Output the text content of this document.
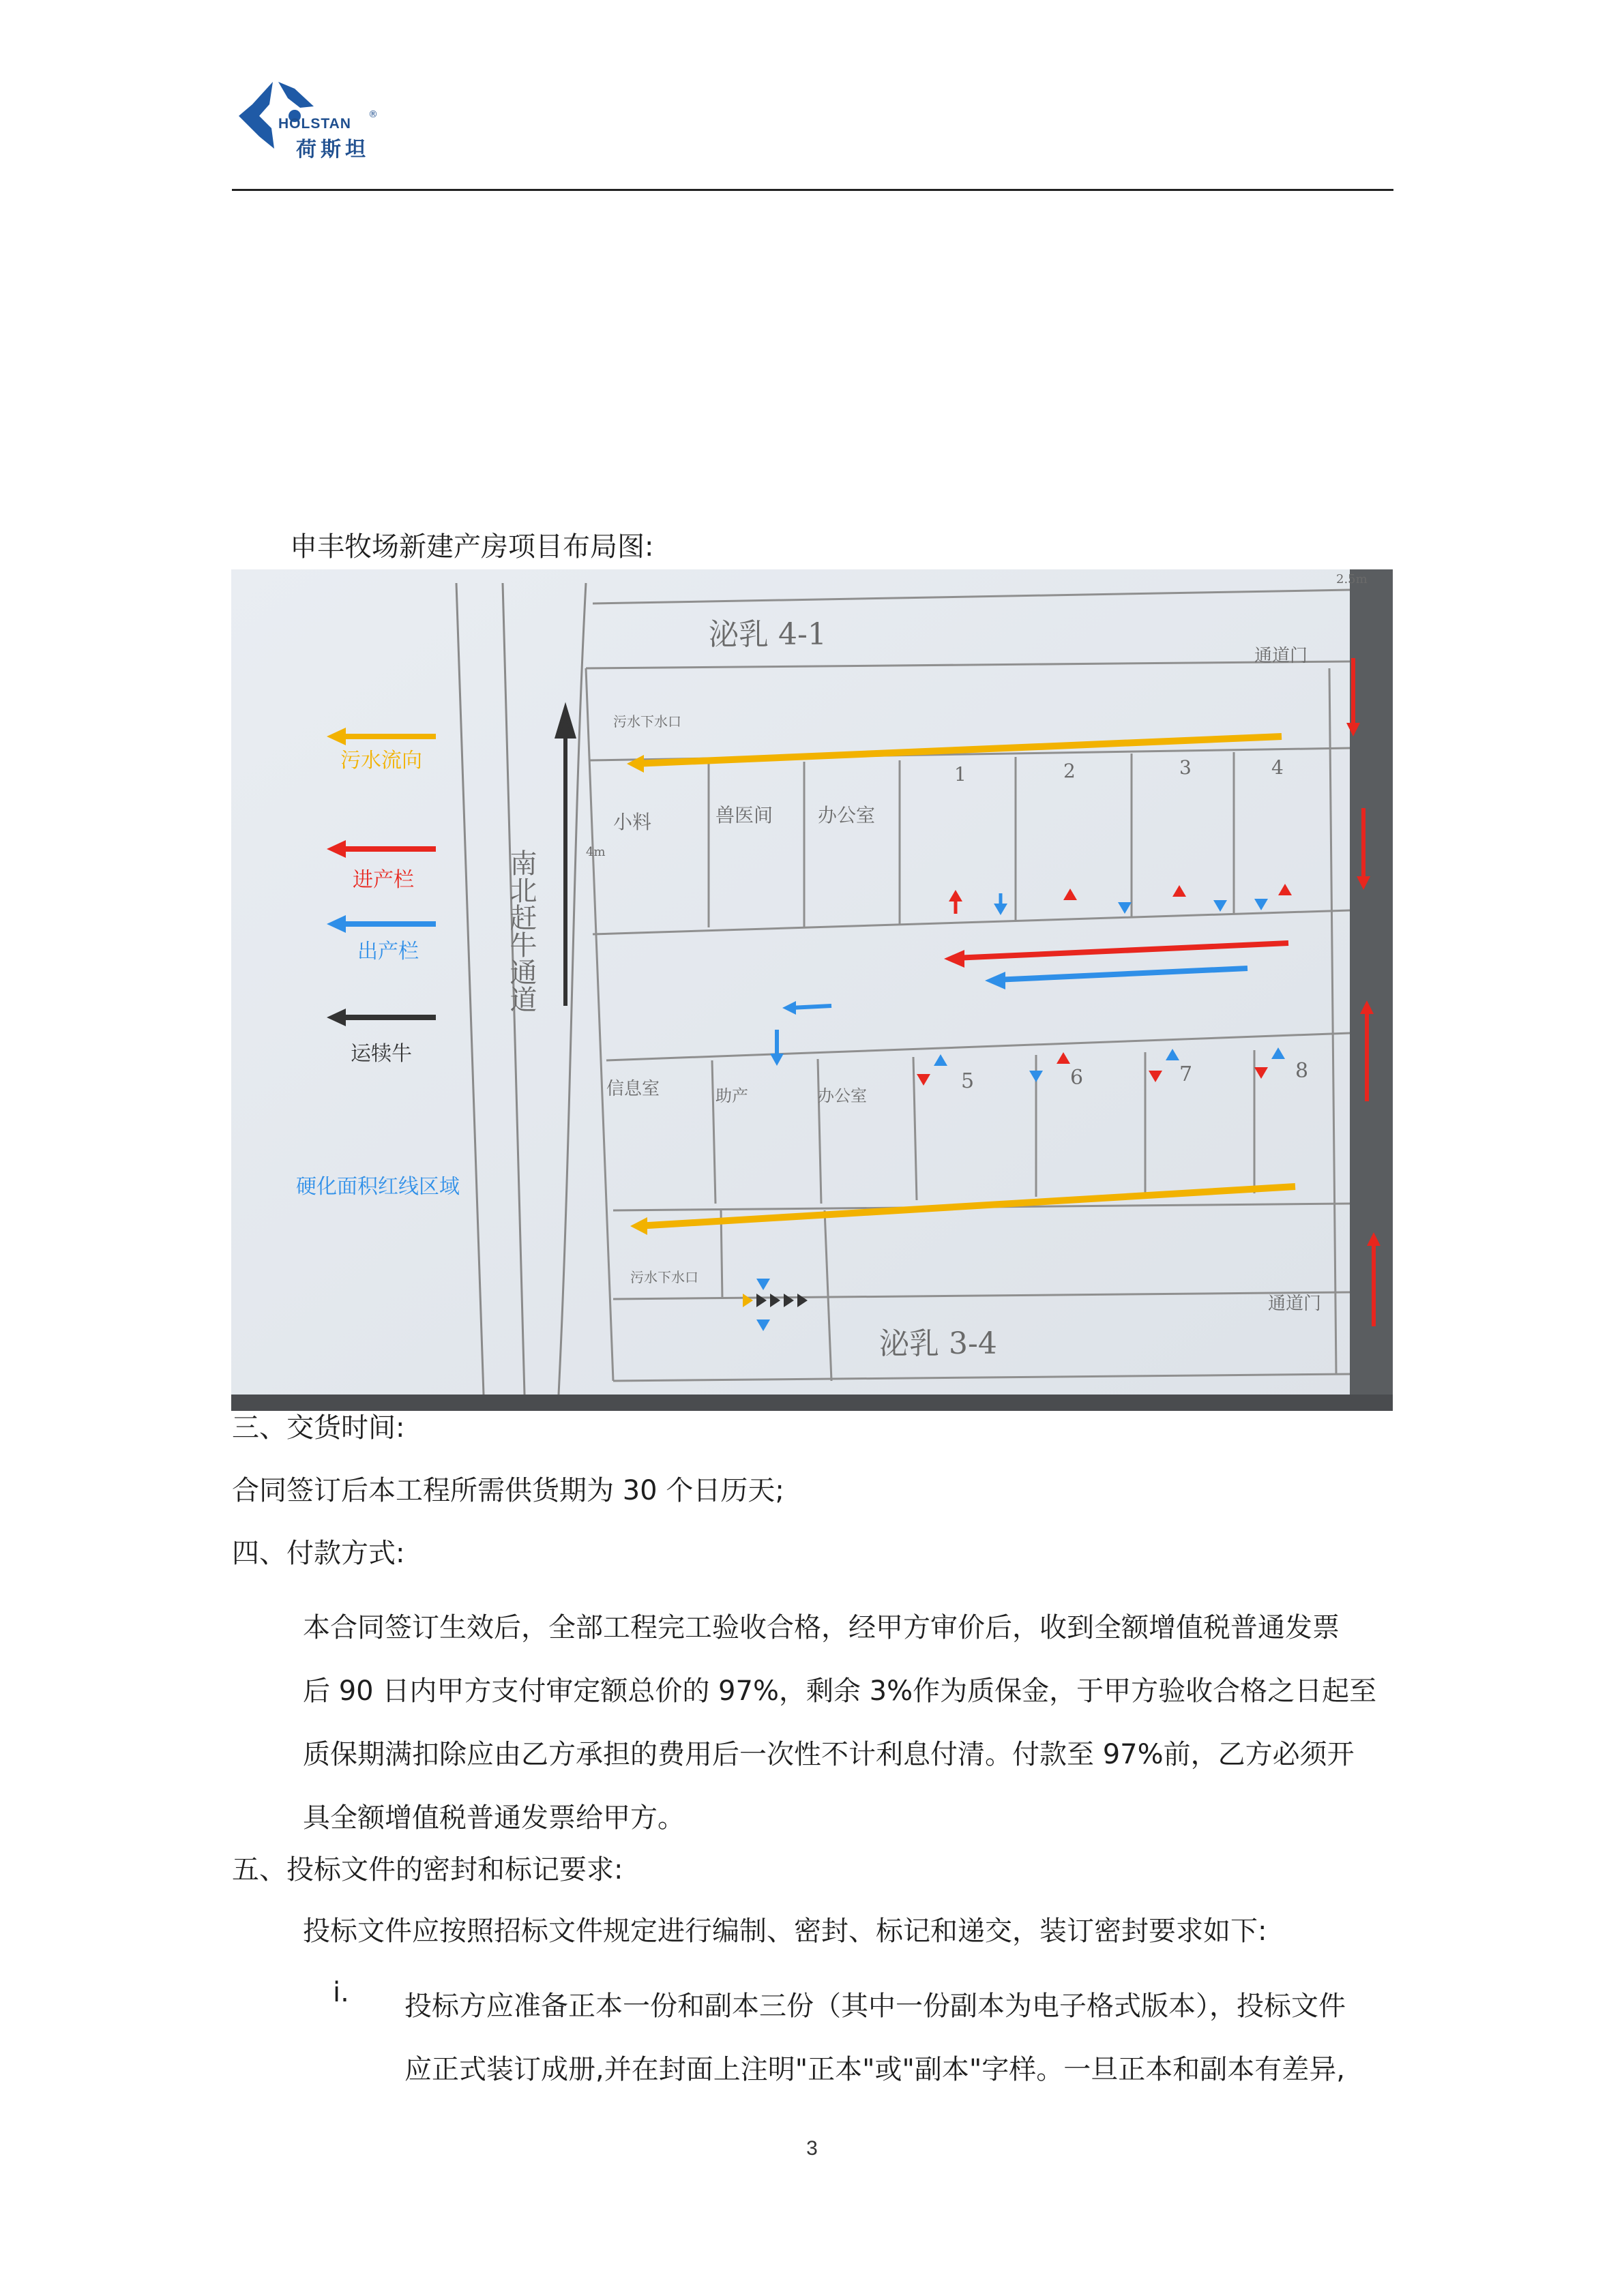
HOLSTAN
®
荷斯坦
申丰牧场新建产房项目布局图:
南北赶牛通道
泌乳 4-1
泌乳 3-4
通道门
通道门
污水下水口
污水下水口
2.5m
4m
小料	兽医间 办公室
1	2	3	4
信息室	助产	办公室
5	6	7	8
污水流向
进产栏
出产栏
运犊牛
硬化面积红线区域
三、交货时间:
合同签订后本工程所需供货期为 30 个日历天;
四、付款方式:
本合同签订生效后，全部工程完工验收合格，经甲方审价后，收到全额增值税普通发票
后 90 日内甲方支付审定额总价的 97%，剩余 3%作为质保金，于甲方验收合格之日起至
质保期满扣除应由乙方承担的费用后一次性不计利息付清。付款至 97%前，乙方必须开
具全额增值税普通发票给甲方。
五、投标文件的密封和标记要求:
投标文件应按照招标文件规定进行编制、密封、标记和递交，装订密封要求如下:
i. 投标方应准备正本一份和副本三份（其中一份副本为电子格式版本），投标文件
应正式装订成册,并在封面上注明"正本"或"副本"字样。一旦正本和副本有差异,
3
